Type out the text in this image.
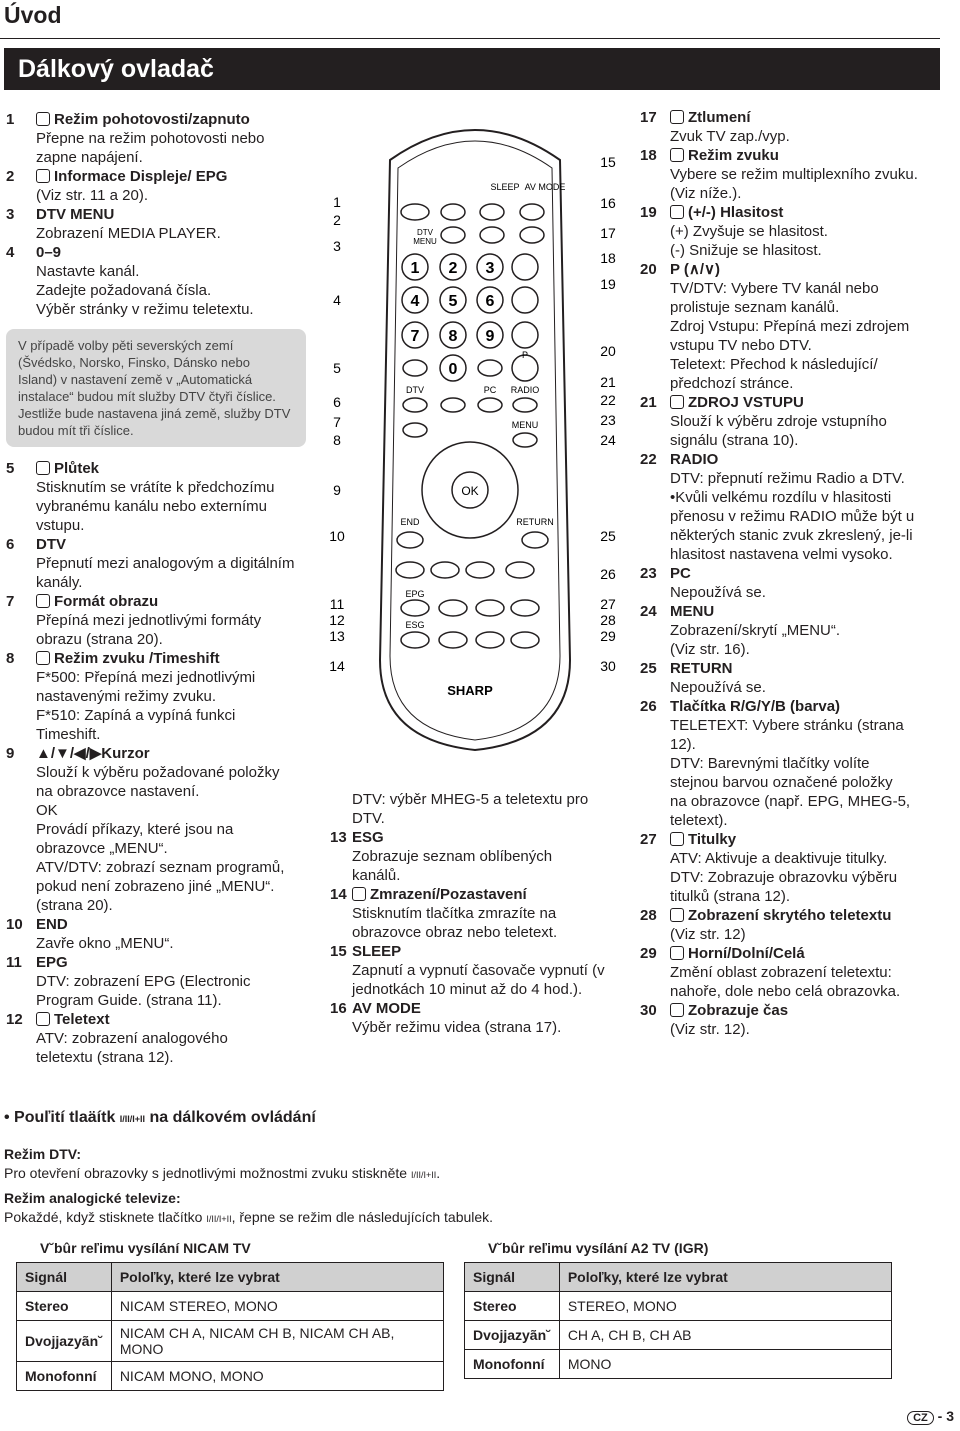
Úvod
Dálkový ovladač
1	Režim pohotovosti/zapnuto
Přepne na režim pohotovosti nebo
zapne napájení.
2	Informace Displeje/ EPG
(Viz str. 11 a 20).
3 DTV MENU
Zobrazení MEDIA PLAYER.
4 0–9
Nastavte kanál.
Zadejte požadovaná čísla.
Výběr stránky v režimu teletextu.
V případě volby pěti severských zemí
(Švédsko, Norsko, Finsko, Dánsko nebo
Island) v nastavení země v „Automatická
instalace“ budou mít služby DTV čtyři číslice.
Jestliže bude nastavena jiná země, služby DTV
budou mít tři číslice.
5	Plůtek
Stisknutím se vrátíte k předchozímu
vybranému kanálu nebo externímu
vstupu.
6 DTV
Přepnutí mezi analogovým a digitálním
kanály.
7	Formát obrazu
Přepíná mezi jednotlivými formáty
obrazu (strana 20).
8	Režim zvuku /Timeshift
F*500: Přepíná mezi jednotlivými
nastavenými režimy zvuku.
F*510: Zapíná a vypíná funkci
Timeshift.
9 ▲/▼/◀/▶Kurzor
Slouží k výběru požadované položky
na obrazovce nastavení.
OK
Provádí příkazy, které jsou na
obrazovce „MENU“.
ATV/DTV: zobrazí seznam programů,
pokud není zobrazeno jiné „MENU“.
(strana 20).
10 END
Zavře okno „MENU“.
11 EPG
DTV: zobrazení EPG (Electronic
Program Guide. (strana 11).
12	Teletext
ATV: zobrazení analogového
teletextu (strana 12).
DTV: výběr MHEG-5 a teletextu pro
DTV.
13 ESG
Zobrazuje seznam oblíbených
kanálů.
14	Zmrazení/Pozastavení
Stisknutím tlačítka zmrazíte na
obrazovce obraz nebo teletext.
15 SLEEP
Zapnutí a vypnutí časovače vypnutí (v
jednotkách 10 minut až do 4 hod.).
16 AV MODE
Výběr režimu videa (strana 17).
17	Ztlumení
Zvuk TV zap./vyp.
18	Režim zvuku
Vybere se režim multiplexního zvuku.
(Viz níže.).
19	(+/-) Hlasitost
(+) Zvyšuje se hlasitost.
(-) Snižuje se hlasitost.
20 P (∧/∨)
TV/DTV: Vybere TV kanál nebo
prolistuje seznam kanálů.
Zdroj Vstupu: Přepíná mezi zdrojem
vstupu TV nebo DTV.
Teletext: Přechod k následující/
předchozí stránce.
21	ZDROJ VSTUPU
Slouží k výběru zdroje vstupního
signálu (strana 10).
22 RADIO
DTV: přepnutí režimu Radio a DTV.
•Kvůli velkému rozdílu v hlasitosti
přenosu v režimu RADIO může být u
některých stanic zvuk zkreslený, je-li
hlasitost nastavena velmi vysoko.
23 PC
Nepoužívá se.
24 MENU
Zobrazení/skrytí „MENU“.
(Viz str. 16).
25 RETURN
Nepoužívá se.
26 Tlačítka R/G/Y/B (barva)
TELETEXT: Vybere stránku (strana
12).
DTV: Barevnými tlačítky volíte
stejnou barvou označené položky
na obrazovce (např. EPG, MHEG-5,
teletext).
27	Titulky
ATV: Aktivuje a deaktivuje titulky.
DTV: Zobrazuje obrazovku výběru
titulků (strana 12).
28	Zobrazení skrytého teletextu
(Viz str. 12)
29	Horní/Dolní/Celá
Změní oblast zobrazení teletextu:
nahoře, dole nebo celá obrazovka.
30	Zobrazuje čas
(Viz str. 12).
SLEEP AV MODE
DTV
MENU
1 2 3
4 5 6
7 8 9
0
P
DTV	PC RADIO
MENU
OK
END	RETURN
EPG
ESG
SHARP
1
2
3
4
5
6
7
8
9
10
11
12
13
14
15
16
17
18
19
20
21
22
23
24
25
26
27
28
29
30
• Pouľití tlaäítk I/II/I+II na dálkovém ovládání
Režim DTV:
Pro otevření obrazovky s jednotlivými možnostmi zvuku stiskněte I/II/I+II.
Režim analogické televize:
Pokaždé, když stisknete tlačítko I/II/I+II, řepne se režim dle následujících tabulek.
V˘bûr reľimu vysílání NICAM TV
Signál	Poloľky, které lze vybrat
Stereo	NICAM STEREO, MONO
Dvojjazyãn˘	NICAM CH A, NICAM CH B, NICAM CH AB, MONO
Monofonní	NICAM MONO, MONO
V˘bûr reľimu vysílání A2 TV (IGR)
Signál	Poloľky, které lze vybrat
Stereo	STEREO, MONO
Dvojjazyãn˘	CH A, CH B, CH AB
Monofonní	MONO
CZ - 3
